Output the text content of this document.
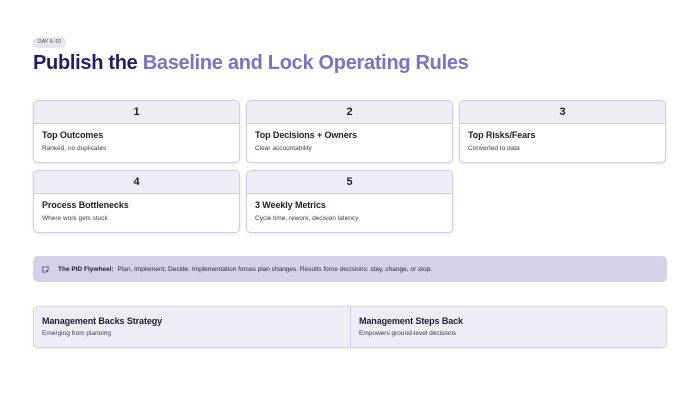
DAY 9–10
Publish the Baseline and Lock Operating Rules
1
Top Outcomes
Ranked, no duplicates
2
Top Decisions + Owners
Clear accountability
3
Top Risks/Fears
Converted to data
4
Process Bottlenecks
Where work gets stuck
5
3 Weekly Metrics
Cycle time, rework, decision latency
The PID Flywheel: Plan, Implement, Decide. Implementation forces plan changes. Results force decisions: stay, change, or stop.
Management Backs Strategy
Emerging from planning
Management Steps Back
Empowers ground-level decisions
